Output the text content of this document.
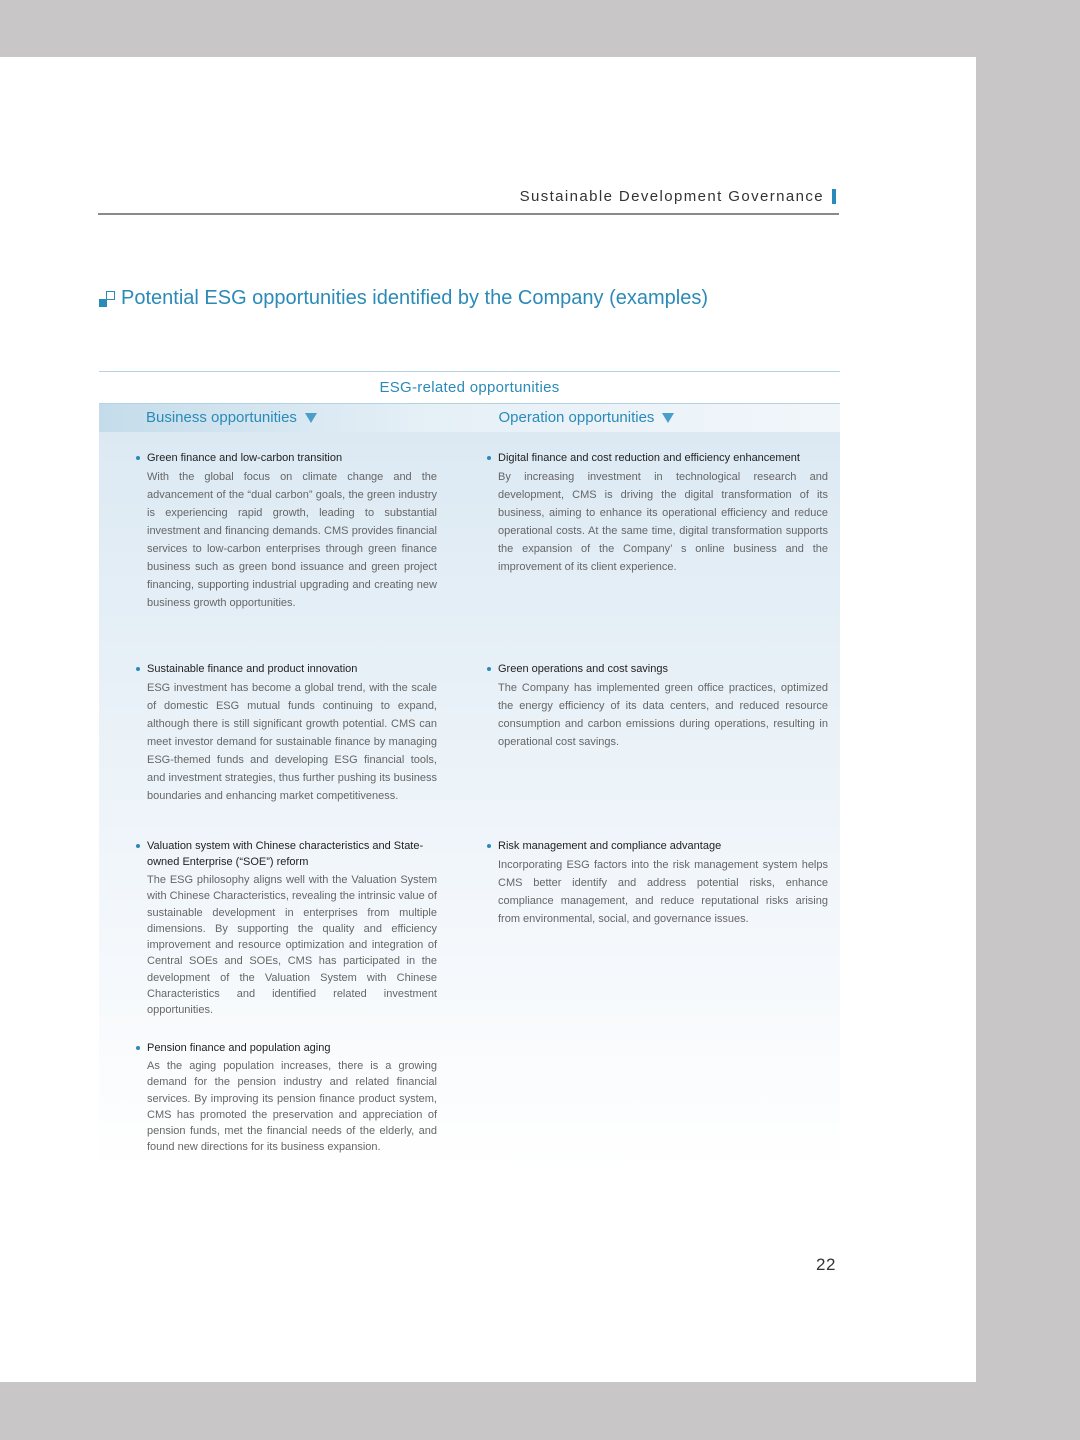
Sustainable Development Governance
Potential ESG opportunities identified by the Company (examples)
ESG-related opportunities
Business opportunities	Operation opportunities
Green finance and low-carbon transition
With the global focus on climate change and the advancement of the “dual carbon” goals, the green industry is experiencing rapid growth, leading to substantial investment and financing demands. CMS provides financial services to low-carbon enterprises through green finance business such as green bond issuance and green project financing, supporting industrial upgrading and creating new business growth opportunities.
Sustainable finance and product innovation
ESG investment has become a global trend, with the scale of domestic ESG mutual funds continuing to expand, although there is still significant growth potential. CMS can meet investor demand for sustainable finance by managing ESG-themed funds and developing ESG financial tools, and investment strategies, thus further pushing its business boundaries and enhancing market competitiveness.
Valuation system with Chinese characteristics and State-owned Enterprise (“SOE”) reform
The ESG philosophy aligns well with the Valuation System with Chinese Characteristics, revealing the intrinsic value of sustainable development in enterprises from multiple dimensions. By supporting the quality and efficiency improvement and resource optimization and integration of Central SOEs and SOEs, CMS has participated in the development of the Valuation System with Chinese Characteristics and identified related investment opportunities.
Pension finance and population aging
As the aging population increases, there is a growing demand for the pension industry and related financial services. By improving its pension finance product system, CMS has promoted the preservation and appreciation of pension funds, met the financial needs of the elderly, and found new directions for its business expansion.
Digital finance and cost reduction and efficiency enhancement
By increasing investment in technological research and development, CMS is driving the digital transformation of its business, aiming to enhance its operational efficiency and reduce operational costs. At the same time, digital transformation supports the expansion of the Company’ s online business and the improvement of its client experience.
Green operations and cost savings
The Company has implemented green office practices, optimized the energy efficiency of its data centers, and reduced resource consumption and carbon emissions during operations, resulting in operational cost savings.
Risk management and compliance advantage
Incorporating ESG factors into the risk management system helps CMS better identify and address potential risks, enhance compliance management, and reduce reputational risks arising from environmental, social, and governance issues.
22
